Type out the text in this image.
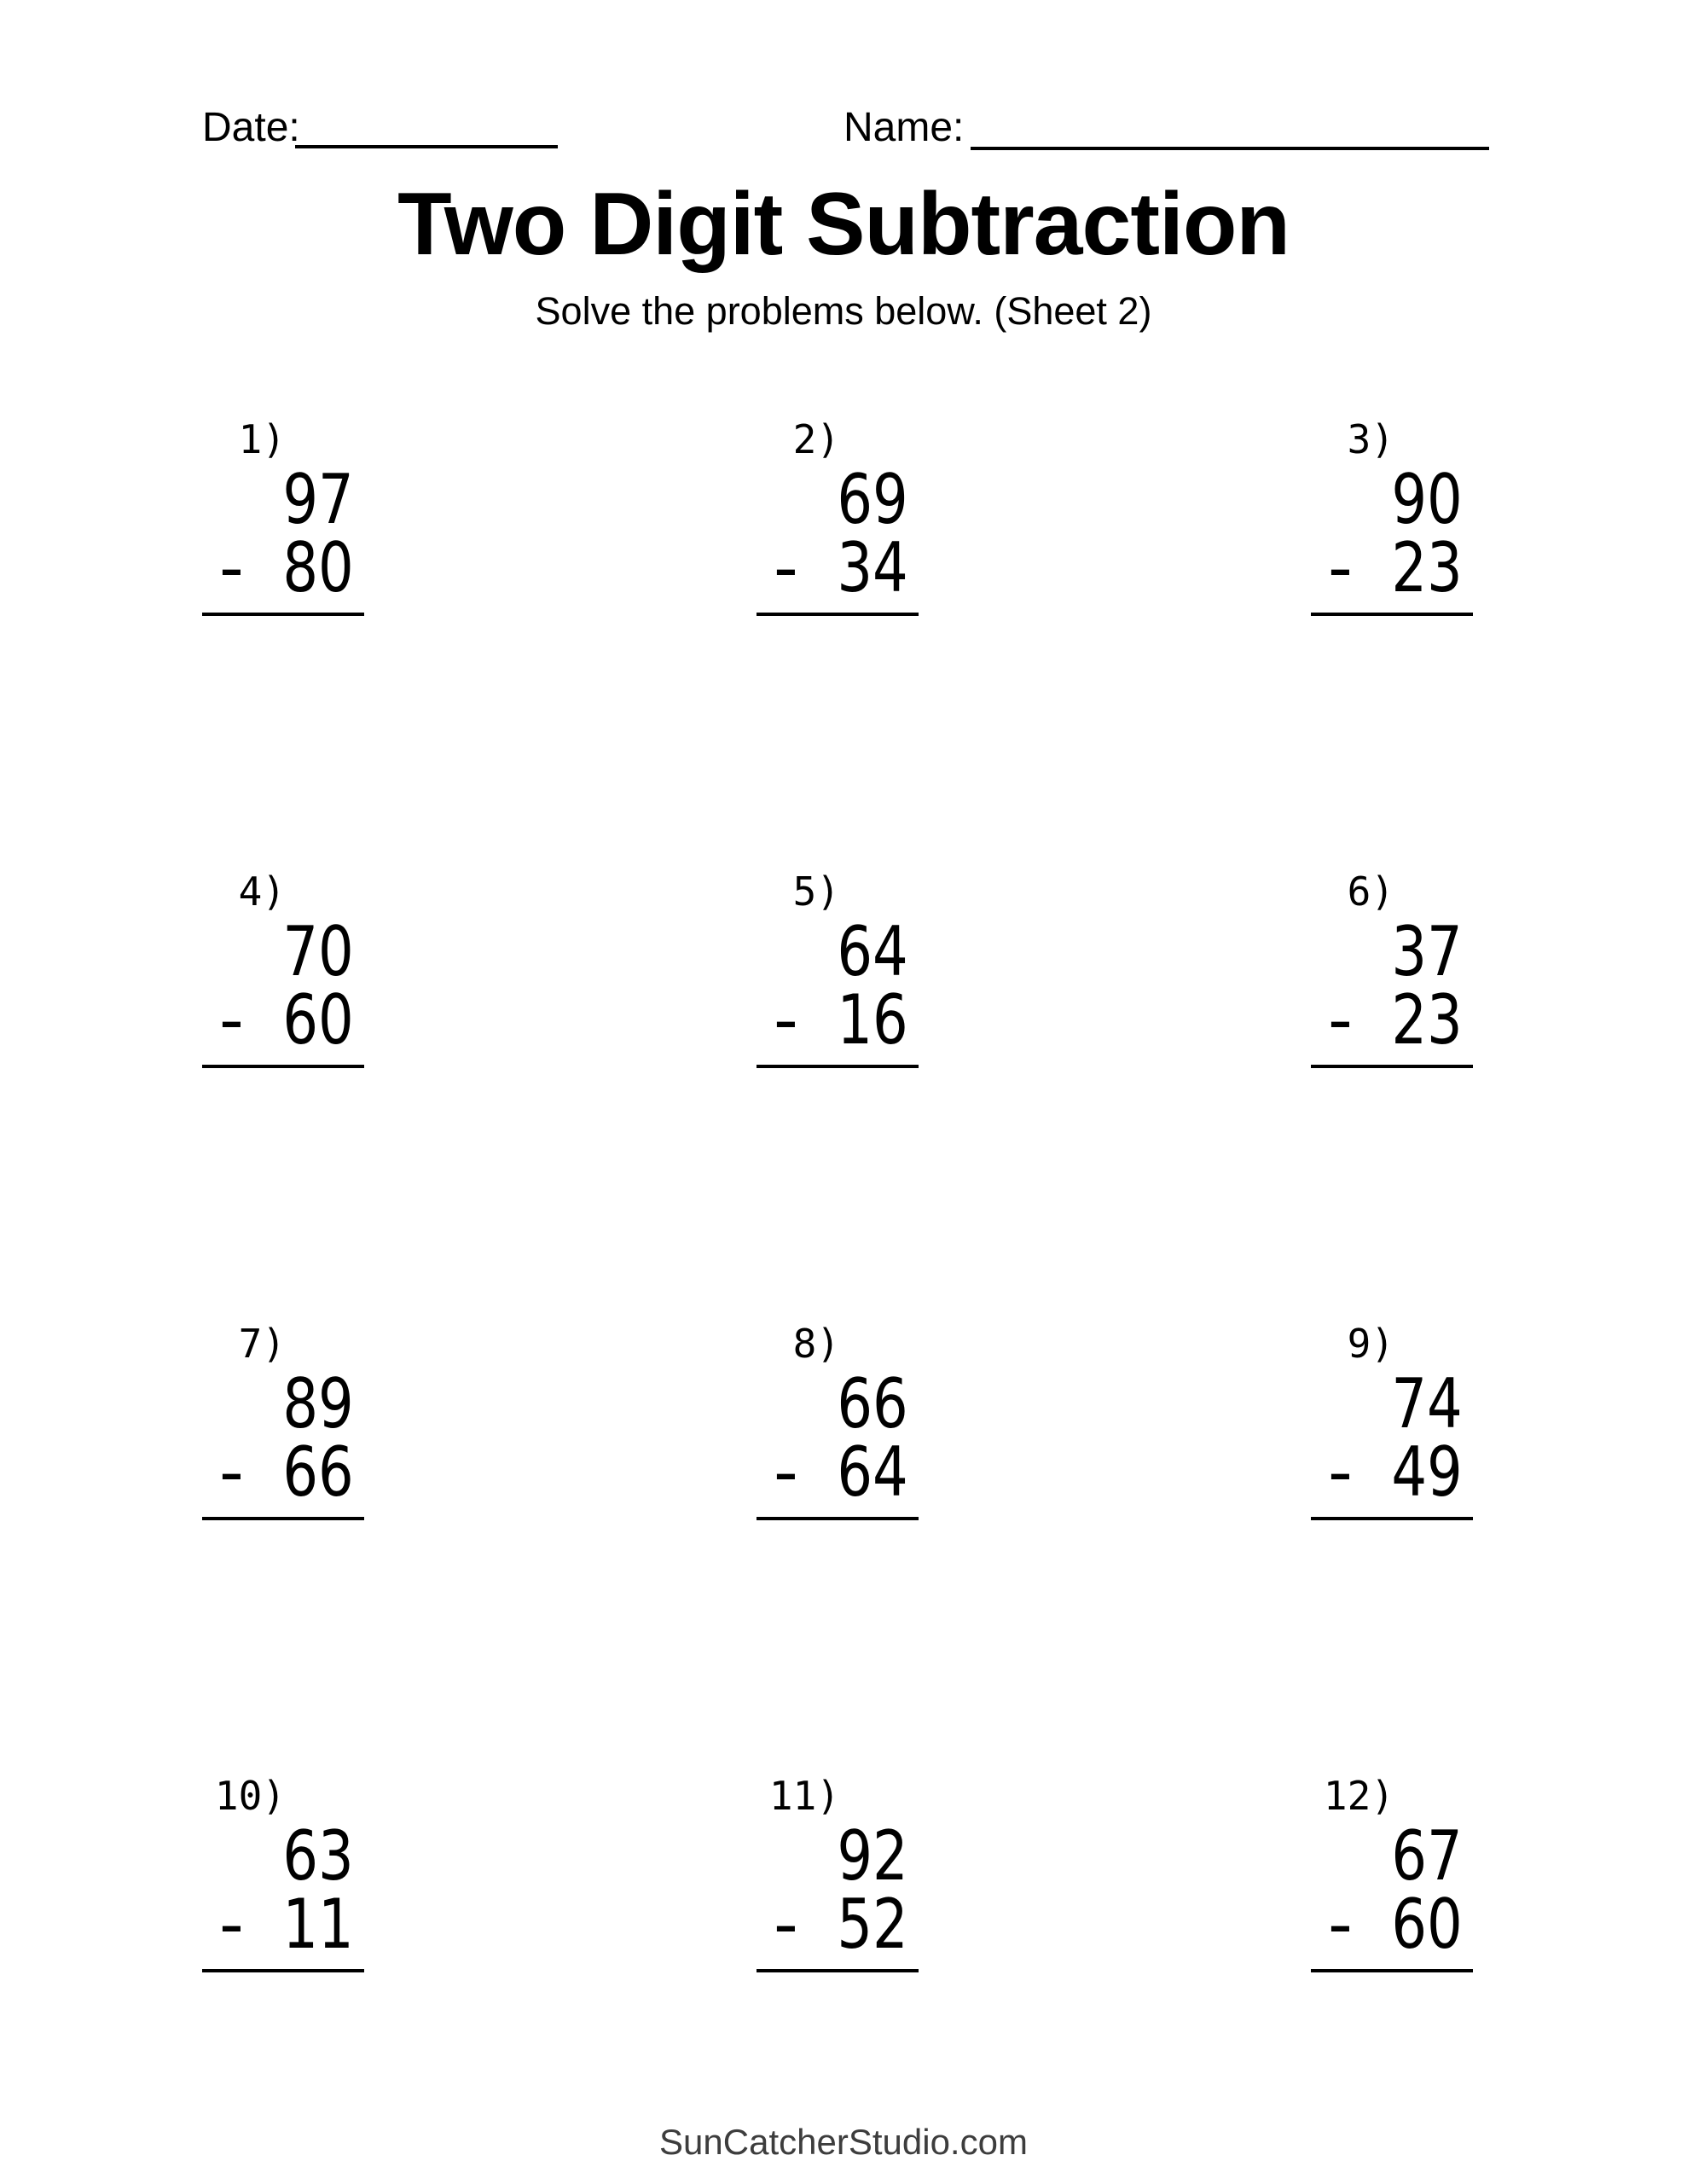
Date:	Name:
Two Digit Subtraction
Solve the problems below. (Sheet 2)
1)
97
- 80
2)
69
- 34
3)
90
- 23
4)
70
- 60
5)
64
- 16
6)
37
- 23
7)
89
- 66
8)
66
- 64
9)
74
- 49
10)
63
- 11
11)
92
- 52
12)
67
- 60
SunCatcherStudio.com
